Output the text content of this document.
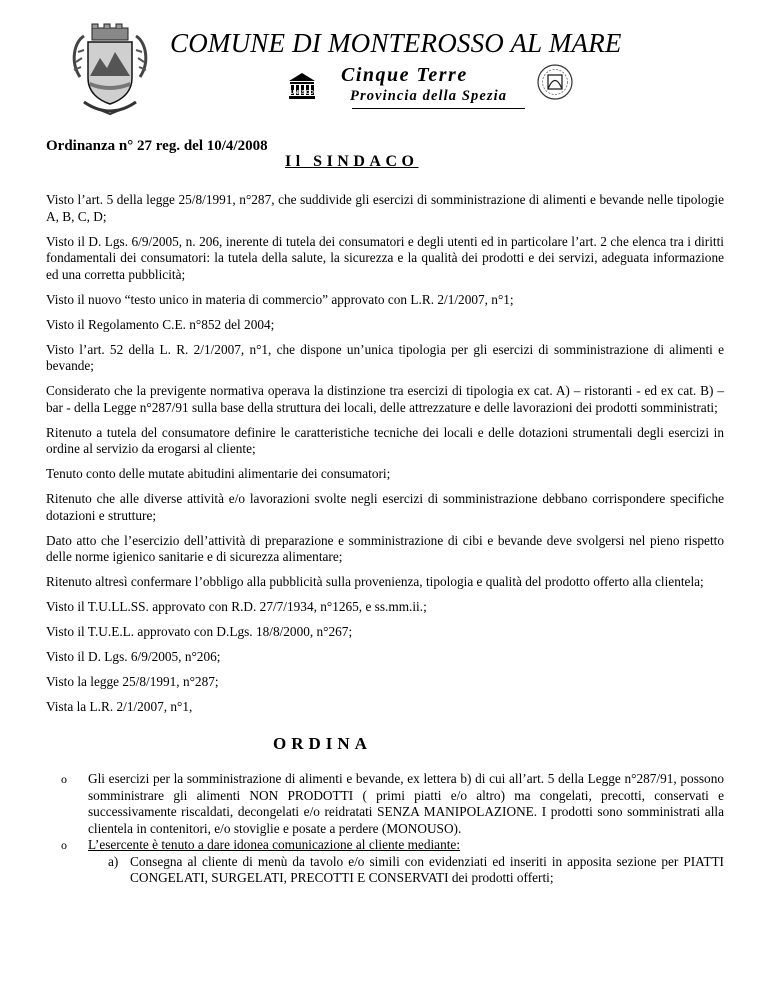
COMUNE DI MONTEROSSO AL MARE
UNESCO
Cinque Terre
Provincia della Spezia
Ordinanza n° 27 reg. del 10/4/2008
Il SINDACO

Visto l’art. 5 della legge 25/8/1991, n°287, che suddivide gli esercizi di somministrazione di alimenti e bevande nelle tipologie A, B, C, D;

Visto il D. Lgs. 6/9/2005, n. 206, inerente di tutela dei consumatori e degli utenti ed in particolare l’art. 2 che elenca tra i diritti fondamentali dei consumatori: la tutela della salute, la sicurezza e la qualità dei prodotti e dei servizi, adeguata informazione ed una corretta pubblicità;

Visto il nuovo “testo unico in materia di commercio” approvato con L.R. 2/1/2007, n°1;

Visto il Regolamento C.E. n°852 del 2004;

Visto l’art. 52 della L. R. 2/1/2007, n°1, che dispone un’unica tipologia per gli esercizi di somministrazione di alimenti e bevande;

Considerato che la previgente normativa operava la distinzione tra esercizi di tipologia ex cat. A) – ristoranti - ed ex cat. B) – bar - della Legge n°287/91 sulla base della struttura dei locali, delle attrezzature e delle lavorazioni dei prodotti somministrati;

Ritenuto a tutela del consumatore definire le caratteristiche tecniche dei locali e delle dotazioni strumentali degli esercizi in ordine al servizio da erogarsi al cliente;

Tenuto conto delle mutate abitudini alimentarie dei consumatori;

Ritenuto che alle diverse attività e/o lavorazioni svolte negli esercizi di somministrazione debbano corrispondere specifiche dotazioni e strutture;

Dato atto che l’esercizio dell’attività di preparazione e somministrazione di cibi e bevande deve svolgersi nel pieno rispetto delle norme igienico sanitarie e di sicurezza alimentare;

Ritenuto altresì confermare l’obbligo alla pubblicità sulla provenienza, tipologia e qualità del prodotto offerto alla clientela;

Visto il T.U.LL.SS. approvato con R.D. 27/7/1934, n°1265, e ss.mm.ii.;

Visto il T.U.E.L. approvato con D.Lgs. 18/8/2000, n°267;

Visto il D. Lgs. 6/9/2005, n°206;

Visto la legge 25/8/1991, n°287;

Vista la L.R. 2/1/2007, n°1,

ORDINA
o Gli esercizi per la somministrazione di alimenti e bevande, ex lettera b) di cui all’art. 5 della Legge n°287/91, possono somministrare gli alimenti NON PRODOTTI ( primi piatti e/o altro) ma congelati, precotti, conservati e successivamente riscaldati, decongelati e/o reidratati SENZA MANIPOLAZIONE. I prodotti sono somministrati alla clientela in contenitori, e/o stoviglie e posate a perdere (MONOUSO).
o L’esercente è tenuto a dare idonea comunicazione al cliente mediante:
a) Consegna al cliente di menù da tavolo e/o simili con evidenziati ed inseriti in apposita sezione per PIATTI CONGELATI, SURGELATI, PRECOTTI E CONSERVATI dei prodotti offerti;
